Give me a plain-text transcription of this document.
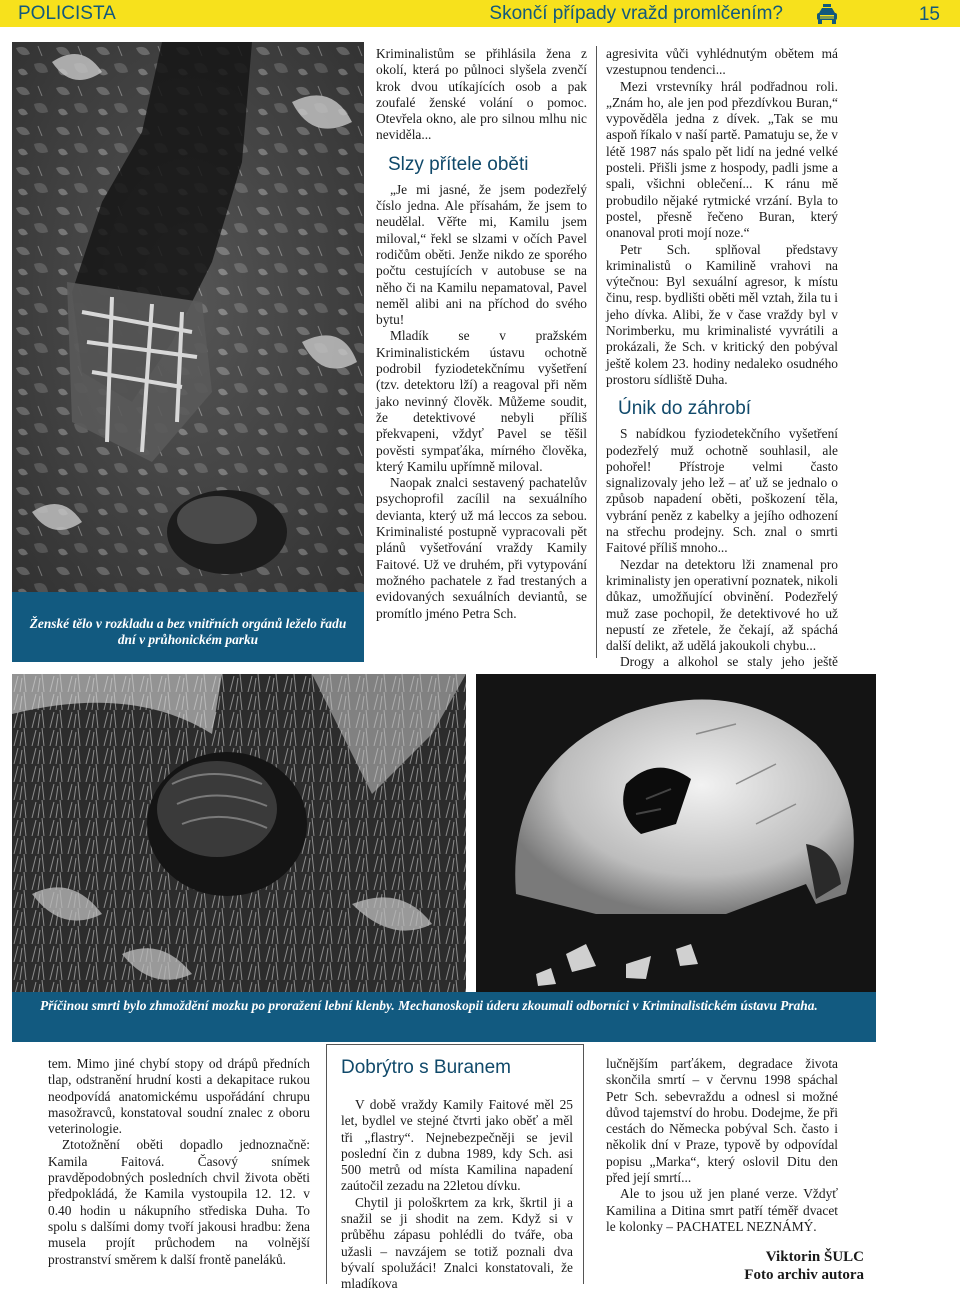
POLICISTA	Skončí případy vražd promlčením?	15
Ženské tělo v rozkladu a bez vnitřních orgánů leželo řadu dní v průhonickém parku

Kriminalistům se přihlásila žena z okolí, která po půlnoci slyšela zvenčí krok dvou utíkajících osob a pak zoufalé ženské volání o pomoc. Otevřela okno, ale pro silnou mlhu nic neviděla...

Slzy přítele oběti

„Je mi jasné, že jsem podezřelý číslo jedna. Ale přísahám, že jsem to neudělal. Věřte mi, Kamilu jsem miloval,“ řekl se slzami v očích Pavel rodičům oběti. Jenže nikdo ze sporého počtu cestujících v autobuse se na něho či na Kamilu nepamatoval, Pavel neměl alibi ani na příchod do svého bytu!

Mladík se v pražském Kriminalistickém ústavu ochotně podrobil fyziodetekčnímu vyšetření (tzv. detektoru lží) a reagoval při něm jako nevinný člověk. Můžeme soudit, že detektivové nebyli příliš překvapeni, vždyť Pavel se těšil pověsti sympaťáka, mírného člověka, který Kamilu upřímně miloval.

Naopak znalci sestavený pachatelův psychoprofil zacílil na sexuálního devianta, který už má leccos za sebou. Kriminalisté postupně vypracovali pět plánů vyšetřování vraždy Kamily Faitové. Už ve druhém, při vytypování možného pachatele z řad trestaných a evidovaných sexuálních deviantů, se promítlo jméno Petra Sch.

agresivita vůči vyhlédnutým obětem má vzestupnou tendenci...

Mezi vrstevníky hrál podřadnou roli. „Znám ho, ale jen pod přezdívkou Buran,“ vypověděla jedna z dívek. „Tak se mu aspoň říkalo v naší partě. Pamatuju se, že v létě 1987 nás spalo pět lidí na jedné velké posteli. Přišli jsme z hospody, padli jsme a spali, všichni oblečení... K ránu mě probudilo nějaké rytmické vrzání. Byla to postel, přesně řečeno Buran, který onanoval proti mojí noze.“

Petr Sch. splňoval představy kriminalistů o Kamilině vrahovi na výtečnou: Byl sexuální agresor, k místu činu, resp. bydlišti oběti měl vztah, žila tu i jeho dívka. Alibi, že v čase vraždy byl v Norimberku, mu kriminalisté vyvrátili a prokázali, že Sch. v kritický den pobýval ještě kolem 23. hodiny nedaleko osudného prostoru sídliště Duha.

Únik do záhrobí

S nabídkou fyziodetekčního vyšetření podezřelý muž ochotně souhlasil, ale pohořel! Přístroje velmi často signalizovaly jeho lež – ať už se jednalo o způsob napadení oběti, poškození těla, vybrání peněz z kabelky a jejího odhození na střechu prodejny. Sch. znal o smrti Faitové příliš mnoho...

Nezdar na detektoru lži znamenal pro kriminalisty jen operativní poznatek, nikoli důkaz, umožňující obvinění. Podezřelý muž zase pochopil, že detektivové ho už nepustí ze zřetele, že čekají, až spáchá další delikt, až udělá jakoukoli chybu...

Drogy a alkohol se staly jeho ještě

Příčinou smrti bylo zhmoždění mozku po proražení lební klenby. Mechanoskopii úderu zkoumali odborníci v Kriminalistickém ústavu Praha.

tem. Mimo jiné chybí stopy od drápů předních tlap, odstranění hrudní kosti a dekapitace rukou neodpovídá anatomickému uspořádání chrupu masožravců, konstatoval soudní znalec z oboru veterinologie.

Ztotožnění oběti dopadlo jednoznačně: Kamila Faitová. Časový snímek pravděpodobných posledních chvil života oběti předpokládá, že Kamila vystoupila 12. 12. v 0.40 hodin u nákupního střediska Duha. To spolu s dalšími domy tvoří jakousi hradbu: žena musela projít průchodem na volnější prostranství směrem k další frontě paneláků.

Dobrýtro s Buranem

V době vraždy Kamily Faitové měl 25 let, bydlel ve stejné čtvrti jako oběť a měl tři „flastry“. Nejnebezpečněji se jevil poslední čin z dubna 1989, kdy Sch. asi 500 metrů od místa Kamilina napadení zaútočil zezadu na 22letou dívku.

Chytil ji pološkrtem za krk, škrtil ji a snažil se ji shodit na zem. Když si v průběhu zápasu pohlédli do tváře, oba užasli – navzájem se totiž poznali dva bývalí spolužáci! Znalci konstatovali, že mladíkova

lučnějším parťákem, degradace života skončila smrtí – v červnu 1998 spáchal Petr Sch. sebevraždu a odnesl si možné důvod tajemství do hrobu. Dodejme, že při cestách do Německa pobýval Sch. často i několik dní v Praze, typově by odpovídal popisu „Marka“, který oslovil Ditu den před její smrtí...

Ale to jsou už jen plané verze. Vždyť Kamilina a Ditina smrt patří téměř dvacet le kolonky – PACHATEL NEZNÁMÝ.

Viktorin ŠULC
Foto archiv autora
